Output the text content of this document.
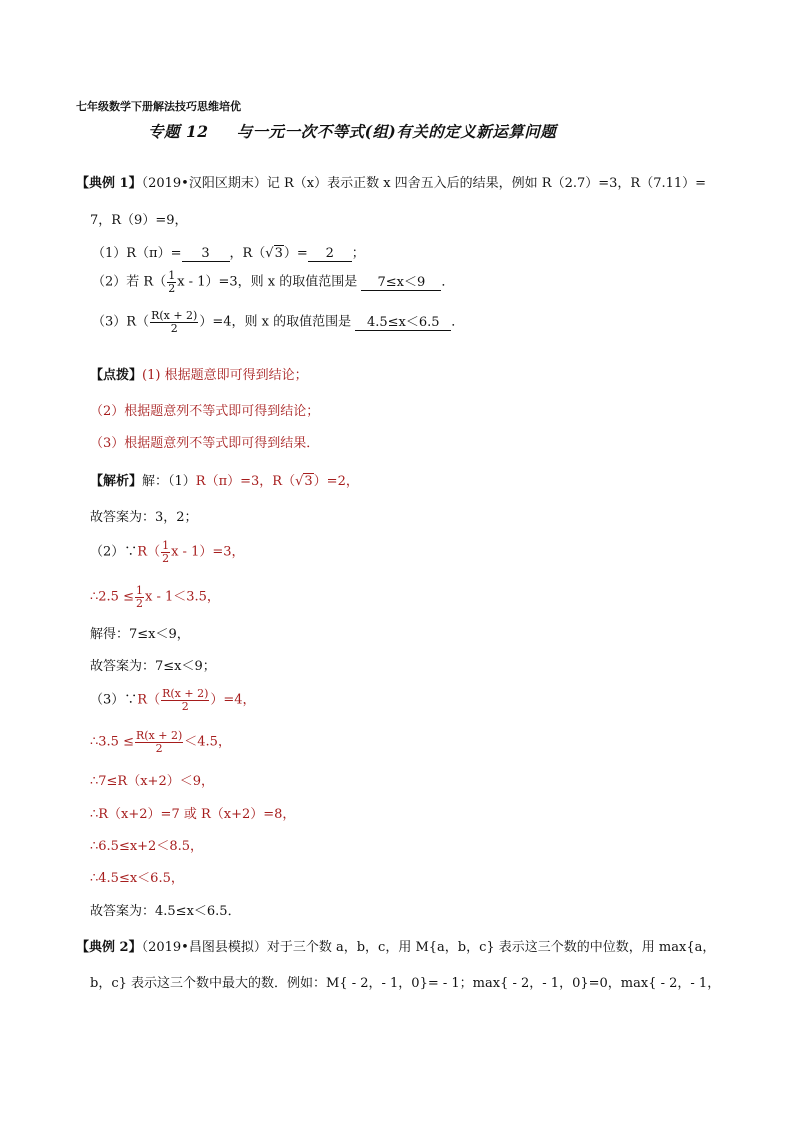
七年级数学下册解法技巧思维培优
专题 12 与一元一次不等式(组)有关的定义新运算问题
【典例 1】（2019•汉阳区期末）记 R（x）表示正数 x 四舍五入后的结果，例如 R（2.7）=3，R（7.11）=
7，R（9）=9，
（1）R（π）= 3 ，R（√3）= 2 ；
（2）若 $R( \frac{1}{2}$ x - 1）=3，则 x 的取值范围是 7≤x＜9 ．
$(3)R( \frac{R(x + 2)}{2} )=4$，则 x 的取值范围是 4.5≤x＜6.5 ．
【点拨】(1) 根据题意即可得到结论；
（2）根据题意列不等式即可得到结论；
（3）根据题意列不等式即可得到结果．
【解析】解：（1）R（π）=3，R（√3）=2，
故答案为：3，2；
（2）∵R（ $\frac{1}{2}$ x - 1）=3，
∴2.5 ≤ $\frac{1}{2}$ x - 1＜3.5，
解得：7≤x＜9，
故答案为：7≤x＜9；
（3）∵R（ $\frac{R(x + 2)}{2} )=4$，
∴3.5 ≤ $\frac{R(x + 2)}{2} <4.5$，
∴7≤R（x+2）＜9，
∴R（x+2）=7 或 R（x+2）=8，
∴6.5≤x+2＜8.5，
∴4.5≤x＜6.5，
故答案为：4.5≤x＜6.5．
【典例 2】（2019•昌图县模拟）对于三个数 a，b，c，用 M{a，b，c} 表示这三个数的中位数，用 max{a，
b，c} 表示这三个数中最大的数．例如：M{ - 2，- 1，0}= - 1；max{ - 2，- 1，0}=0，max{ - 2，- 1，
